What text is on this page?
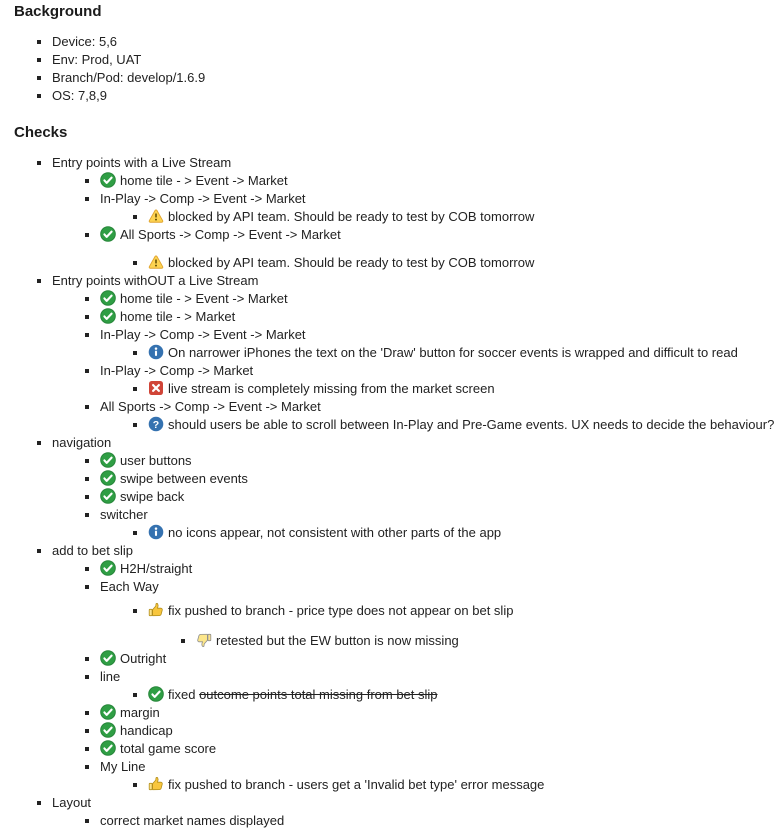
Background
▪ Device: 5,6
▪ Env: Prod, UAT
▪ Branch/Pod: develop/1.6.9
▪ OS: 7,8,9
Checks
▪ Entry points with a Live Stream
▪ home tile - > Event -> Market
▪ In-Play -> Comp -> Event -> Market
▪ blocked by API team. Should be ready to test by COB tomorrow
▪ All Sports -> Comp -> Event -> Market
▪ blocked by API team. Should be ready to test by COB tomorrow
▪ Entry points withOUT a Live Stream
▪ home tile - > Event -> Market
▪ home tile - > Market
▪ In-Play -> Comp -> Event -> Market
▪ On narrower iPhones the text on the 'Draw' button for soccer events is wrapped and difficult to read
▪ In-Play -> Comp -> Market
▪ live stream is completely missing from the market screen
▪ All Sports -> Comp -> Event -> Market
▪ ? should users be able to scroll between In-Play and Pre-Game events. UX needs to decide the behaviour?
▪ navigation
▪ user buttons
▪ swipe between events
▪ swipe back
▪ switcher
▪ no icons appear, not consistent with other parts of the app
▪ add to bet slip
▪ H2H/straight
▪ Each Way
▪ fix pushed to branch - price type does not appear on bet slip
▪ retested but the EW button is now missing
▪ Outright
▪ line
▪ fixed outcome points total missing from bet slip
▪ margin
▪ handicap
▪ total game score
▪ My Line
▪ fix pushed to branch - users get a 'Invalid bet type' error message
▪ Layout
▪ correct market names displayed
